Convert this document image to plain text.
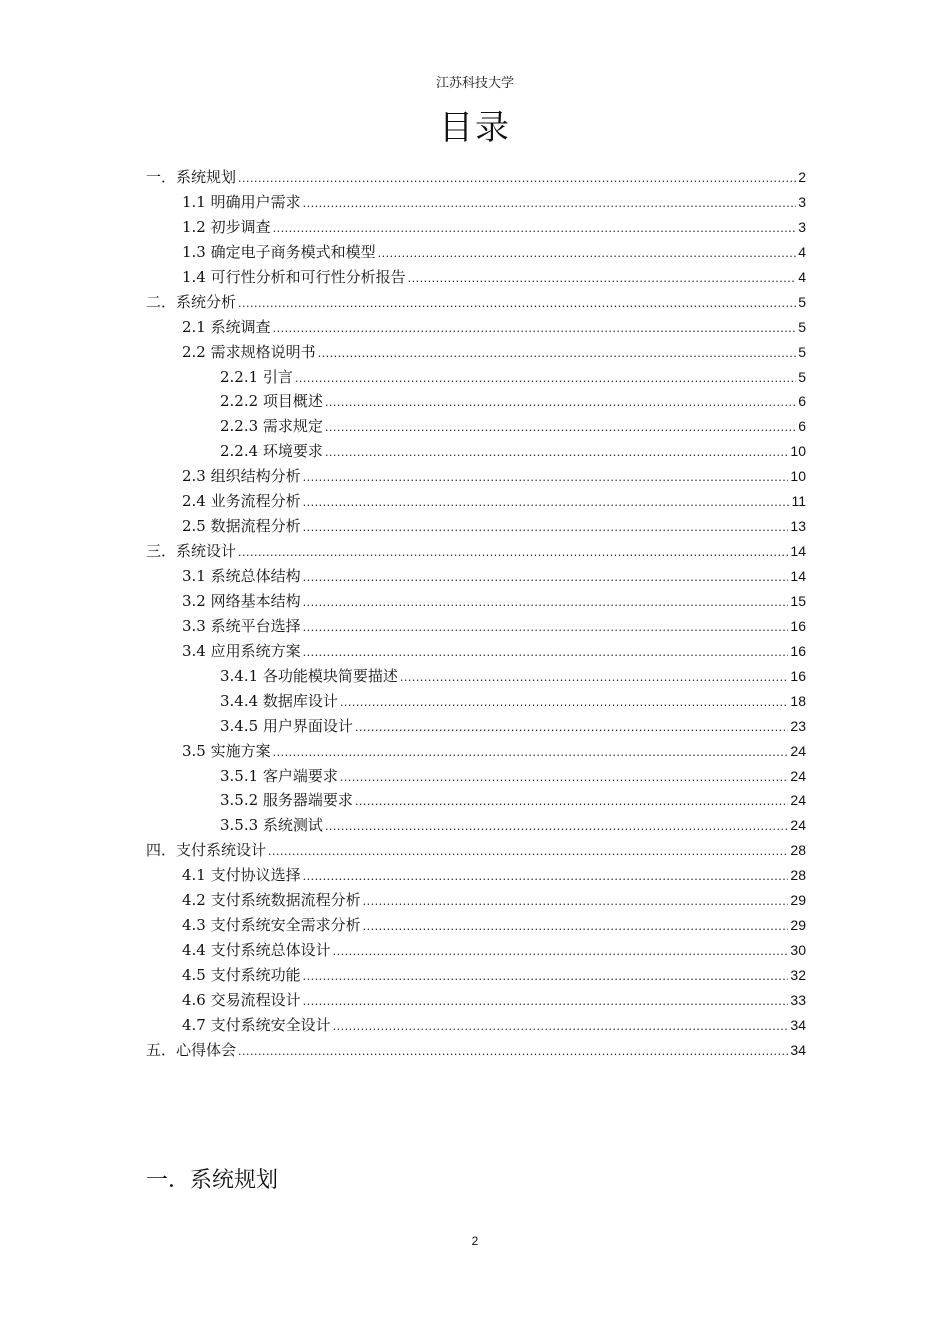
江苏科技大学
目录
一．系统规划 .....	2
1.1 明确用户需求 .....	3
1.2 初步调查 .....	3
1.3 确定电子商务模式和模型 .....	4
1.4 可行性分析和可行性分析报告 .....	4
二．系统分析 .....	5
2.1 系统调查 .....	5
2.2 需求规格说明书 .....	5
2.2.1 引言 .....	5
2.2.2 项目概述 .....	6
2.2.3 需求规定 .....	6
2.2.4 环境要求 .....	10
2.3 组织结构分析 .....	10
2.4 业务流程分析 .....	11
2.5 数据流程分析 .....	13
三．系统设计 .....	14
3.1 系统总体结构 .....	14
3.2 网络基本结构 .....	15
3.3 系统平台选择 .....	16
3.4 应用系统方案 .....	16
3.4.1 各功能模块简要描述 .....	16
3.4.4 数据库设计 .....	18
3.4.5 用户界面设计 .....	23
3.5 实施方案 .....	24
3.5.1 客户端要求 .....	24
3.5.2 服务器端要求 .....	24
3.5.3 系统测试 .....	24
四．支付系统设计 .....	28
4.1 支付协议选择 .....	28
4.2 支付系统数据流程分析 .....	29
4.3 支付系统安全需求分析 .....	29
4.4 支付系统总体设计 .....	30
4.5 支付系统功能 .....	32
4.6 交易流程设计 .....	33
4.7 支付系统安全设计 .....	34
五．心得体会 .....	34
一．系统规划
2
